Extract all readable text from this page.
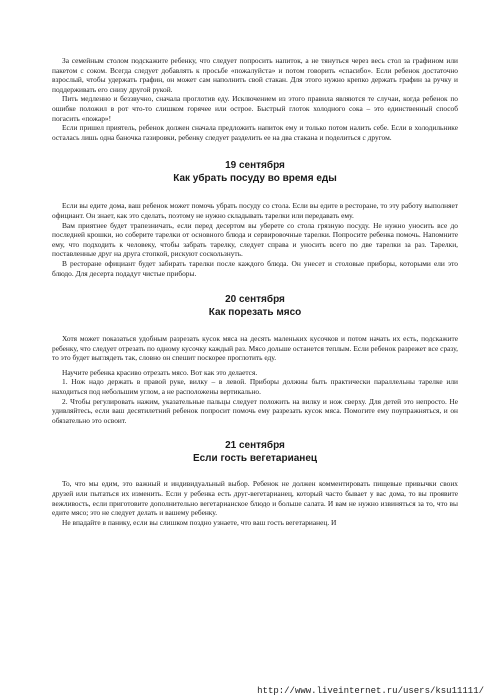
За семейным столом подскажите ребенку, что следует попросить напиток, а не тянуться через весь стол за графином или пакетом с соком. Всегда следует добавлять к просьбе «пожалуйста» и потом говорить «спасибо». Если ребенок достаточно взрослый, чтобы удержать графин, он может сам наполнить свой стакан. Для этого нужно крепко держать графин за ручку и поддерживать его снизу другой рукой.

Пить медленно и беззвучно, сначала проглотив еду. Исключением из этого правила являются те случаи, когда ребенок по ошибке положил в рот что-то слишком горячее или острое. Быстрый глоток холодного сока – это единственный способ погасить «пожар»!

Если пришел приятель, ребенок должен сначала предложить напиток ему и только потом налить себе. Если в холодильнике осталась лишь одна баночка газировки, ребенку следует разделить ее на два стакана и поделиться с другом.

19 сентября
Как убрать посуду во время еды

Если вы едите дома, ваш ребенок может помочь убрать посуду со стола. Если вы едите в ресторане, то эту работу выполняет официант. Он знает, как это сделать, поэтому не нужно складывать тарелки или передавать ему.

Вам приятнее будет трапезничать, если перед десертом вы уберете со стола грязную посуду. Не нужно уносить все до последней крошки, но соберите тарелки от основного блюда и сервировочные тарелки. Попросите ребенка помочь. Напомните ему, что подходить к человеку, чтобы забрать тарелку, следует справа и уносить всего по две тарелки за раз. Тарелки, поставленные друг на друга стопкой, рискуют соскользнуть.

В ресторане официант будет забирать тарелки после каждого блюда. Он унесет и столовые приборы, которыми ели это блюдо. Для десерта подадут чистые приборы.

20 сентября
Как порезать мясо

Хотя может показаться удобным разрезать кусок мяса на десять маленьких кусочков и потом начать их есть, подскажите ребенку, что следует отрезать по одному кусочку каждый раз. Мясо дольше останется теплым. Если ребенок разрежет все сразу, то это будет выглядеть так, словно он спешит поскорее проглотить еду.

Научите ребенка красиво отрезать мясо. Вот как это делается.

1. Нож надо держать в правой руке, вилку – в левой. Приборы должны быть практически параллельны тарелке или находиться под небольшим углом, а не расположены вертикально.

2. Чтобы регулировать нажим, указательные пальцы следует положить на вилку и нож сверху. Для детей это непросто. Не удивляйтесь, если ваш десятилетний ребенок попросит помочь ему разрезать кусок мяса. Помогите ему поупражняться, и он обязательно это освоит.

21 сентября
Если гость вегетарианец

То, что мы едим, это важный и индивидуальный выбор. Ребенок не должен комментировать пищевые привычки своих друзей или пытаться их изменить. Если у ребенка есть друг-вегетарианец, который часто бывает у вас дома, то вы проявите вежливость, если приготовите дополнительно вегетарианское блюдо и больше салата. И вам не нужно извиняться за то, что вы едите мясо; это не следует делать и вашему ребенку.

Не впадайте в панику, если вы слишком поздно узнаете, что ваш гость вегетарианец. И

http://www.liveinternet.ru/users/ksu11111/
